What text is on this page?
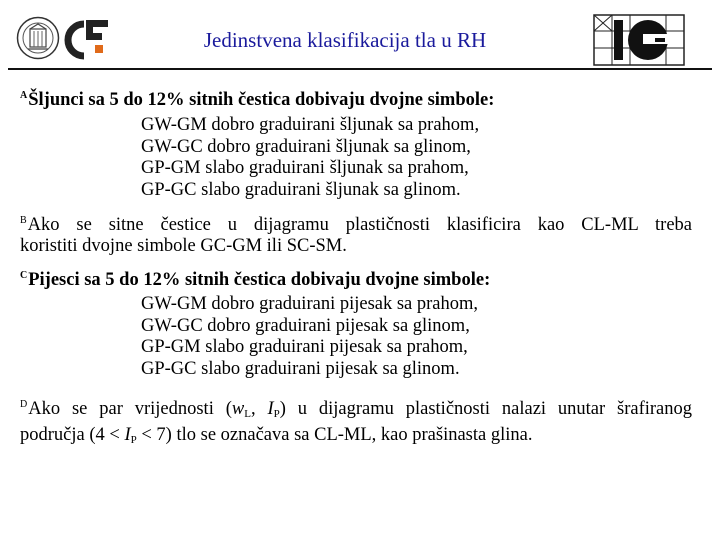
Jedinstvena klasifikacija tla u RH
$^A$Šljunci sa 5 do 12% sitnih čestica dobivaju dvojne simbole:
GW-GM dobro graduirani šljunak sa prahom,
GW-GC dobro graduirani šljunak sa glinom,
GP-GM slabo graduirani šljunak sa prahom,
GP-GC slabo graduirani šljunak sa glinom.
$^B$Ako se sitne čestice u dijagramu plastičnosti klasificira kao CL-ML treba
koristiti dvojne simbole GC-GM ili SC-SM.
$^C$Pijesci sa 5 do 12% sitnih čestica dobivaju dvojne simbole:
GW-GM dobro graduirani pijesak sa prahom,
GW-GC dobro graduirani pijesak sa glinom,
GP-GM slabo graduirani pijesak sa prahom,
GP-GC slabo graduirani pijesak sa glinom.
$^D$Ako se par vrijednosti ($w_L$, $I_P$) u dijagramu plastičnosti nalazi unutar šrafiranog
područja $(4 < I_P < 7)$ tlo se označava sa CL-ML, kao prašinasta glina.
